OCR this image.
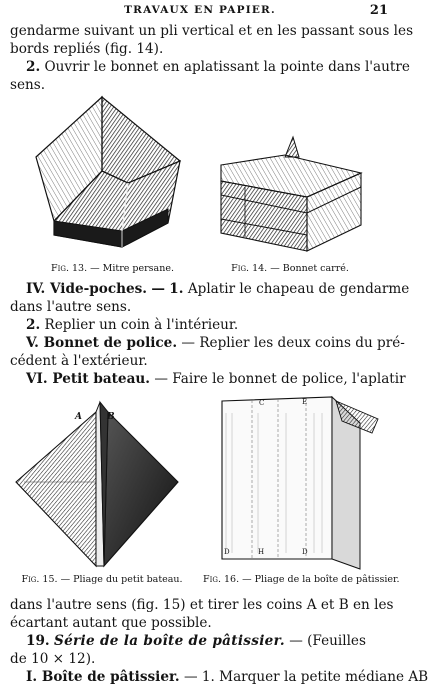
TRAVAUX EN PAPIER.	21

gendarme suivant un pli vertical et en les passant sous les

bords repliés (fig. 14).

2. Ouvrir le bonnet en aplatissant la pointe dans l'autre

sens.

Fig. 13. — Mitre persane.	Fig. 14. — Bonnet carré.

IV. Vide-poches. — 1. Aplatir le chapeau de gendarme

dans l'autre sens.

2. Replier un coin à l'intérieur.

V. Bonnet de police. — Replier les deux coins du pré-

cédent à l'extérieur.

VI. Petit bateau. — Faire le bonnet de police, l'aplatir

A	B
C	E
D	H	D
Fig. 15. — Pliage du petit bateau.	Fig. 16. — Pliage de la boîte de pâtissier.

dans l'autre sens (fig. 15) et tirer les coins A et B en les

écartant autant que possible.

19. Série de la boîte de pâtissier. — (Feuilles

de 10 × 12).

I. Boîte de pâtissier. — 1. Marquer la petite médiane AB
